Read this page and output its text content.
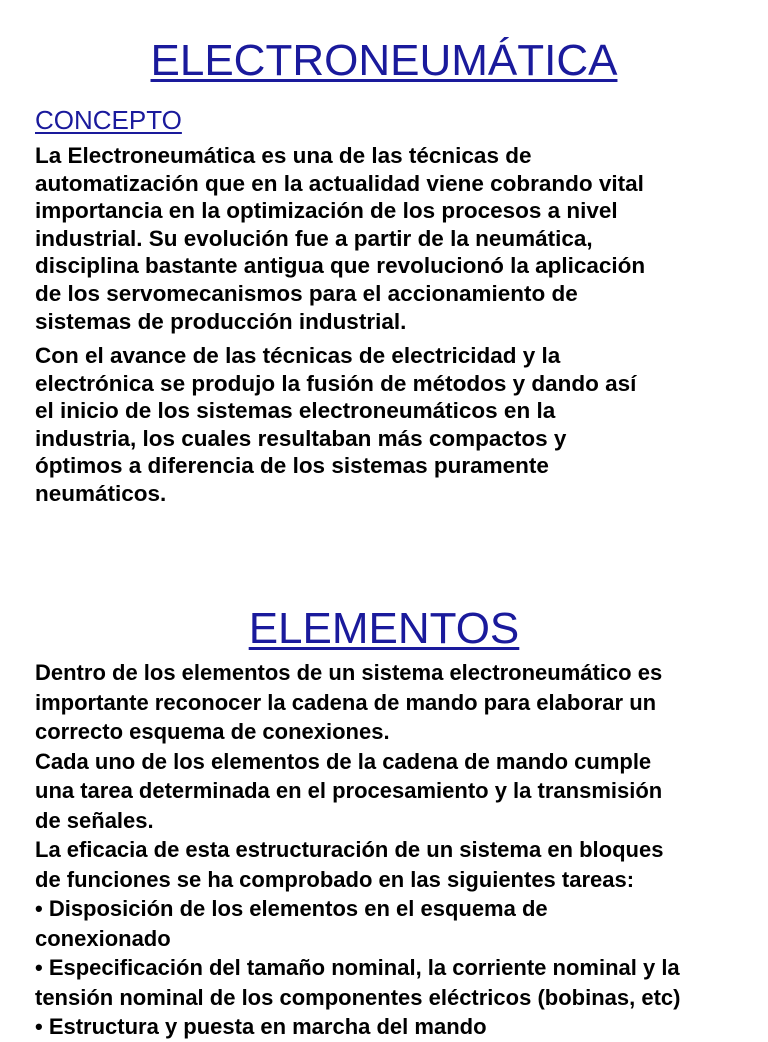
ELECTRONEUMÁTICA
CONCEPTO

La Electroneumática es una de las técnicas de
automatización que en la actualidad viene cobrando vital
importancia en la optimización de los procesos a nivel
industrial. Su evolución fue a partir de la neumática,
disciplina bastante antigua que revolucionó la aplicación
de los servomecanismos para el accionamiento de
sistemas de producción industrial.

Con el avance de las técnicas de electricidad y la
electrónica se produjo la fusión de métodos y dando así
el inicio de los sistemas electroneumáticos en la
industria, los cuales resultaban más compactos y
óptimos a diferencia de los sistemas puramente
neumáticos.

ELEMENTOS

Dentro de los elementos de un sistema electroneumático es
importante reconocer la cadena de mando para elaborar un
correcto esquema de conexiones.
Cada uno de los elementos de la cadena de mando cumple
una tarea determinada en el procesamiento y la transmisión
de señales.
La eficacia de esta estructuración de un sistema en bloques
de funciones se ha comprobado en las siguientes tareas:
• Disposición de los elementos en el esquema de
conexionado
• Especificación del tamaño nominal, la corriente nominal y la
tensión nominal de los componentes eléctricos (bobinas, etc)
• Estructura y puesta en marcha del mando
